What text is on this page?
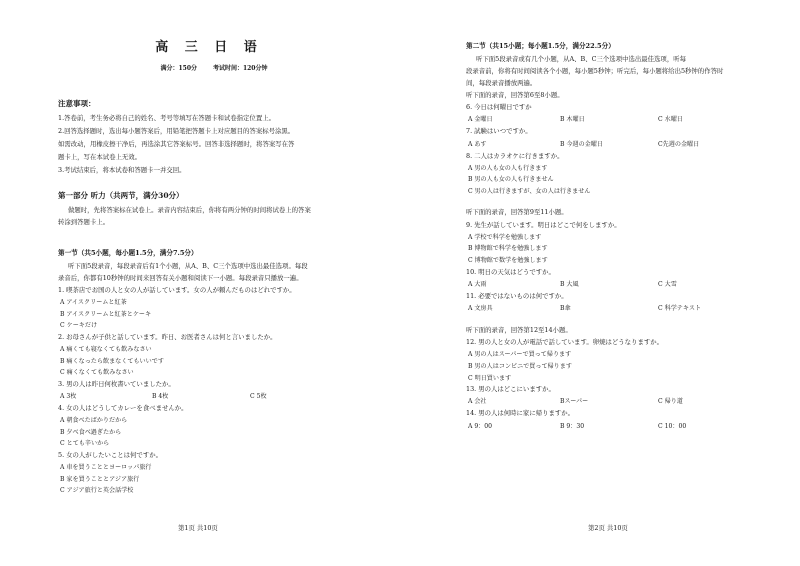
高 三 日 语
满分：150分	考试时间：120分钟
注意事项：
1.答卷前，考生务必将自己的姓名、考号等填写在答题卡和试卷指定位置上。
2.回答选择题时，选出每小题答案后，用铅笔把答题卡上对应题目的答案标号涂黑。
如需改动，用橡皮擦干净后，再选涂其它答案标号。回答非选择题时，将答案写在答
题卡上，写在本试卷上无效。
3.考试结束后，将本试卷和答题卡一并交回。
第一部分 听力（共两节，满分30分）
做题时，先将答案标在试卷上。录音内容结束后，你将有两分钟的时间将试卷上的答案
转涂到答题卡上。
第一节（共5小题，每小题1.5分，满分7.5分）
听下面5段录音，每段录音后有1个小题，从A、B、C三个选项中选出最佳选项。每段
录音后，你都有10秒钟的时间来回答有关小题和阅读下一小题。每段录音只播放一遍。
1. 喫茶店でお国の人と女の人が話しています。女の人が頼んだものはどれですか。
A アイスクリームと紅茶
B アイスクリームと紅茶とケーキ
C ケーキだけ
2. お母さんが子供と話しています。昨日、お医者さんは何と言いましたか。
A 痛くても寝なくても飲みなさい
B 痛くなったら飲まなくてもいいです
C 痛くなくても飲みなさい
3. 男の人は昨日何枚書いていましたか。
A 3枚	B 4枚	C 5枚
4. 女の人はどうしてカレーを食べませんか。
A 朝食べたばかりだから
B 夕べ食べ過ぎたから
C とても辛いから
5. 女の人がしたいことは何ですか。
A 車を買うこととヨーロッパ旅行
B 家を買うこととアジア旅行
C アジア旅行と英会話学校
第1页 共10页
第二节（共15小题；每小题1.5分，满分22.5分）
听下面5段录音或有几个小题，从A、B、C三个选项中选出最佳选项，听每
段录音前，你将有时间阅读各个小题，每小题5秒钟；听完后，每小题将给出5秒钟的作答时
间，每段录音播放两遍。
听下面的录音，回答第6至8小题。
6. 今日は何曜日ですか
A 金曜日	B 木曜日	C 水曜日
7. 試験はいつですか。
A あす	B 今週の金曜日	C先週の金曜日
8. 二人はカラオケに行きますか。
A 男の人も女の人も行きます
B 男の人も女の人も行きません
C 男の人は行きますが、女の人は行きません
听下面的录音，回答第9至11小题。
9. 先生が話しています。明日はどこで何をしますか。
A 学校で科学を勉強します
B 博物館で科学を勉強します
C 博物館で数学を勉強します
10. 明日の天気はどうですか。
A 大雨	B 大風	C 大雪
11. 必要ではないものは何ですか。
A 文房具	B傘	C 科学テキスト
听下面的录音，回答第12至14小题。
12. 男の人と女の人が電話で話しています。卵焼はどうなりますか。
A 男の人はスーパーで買って帰ります
B 男の人はコンビニで買って帰ります
C 明日買います
13. 男の人はどこにいますか。
A 会社	Bスーパー	C 帰り道
14. 男の人は何時に家に帰りますか。
A 9：00	B 9：30	C 10：00
第2页 共10页
